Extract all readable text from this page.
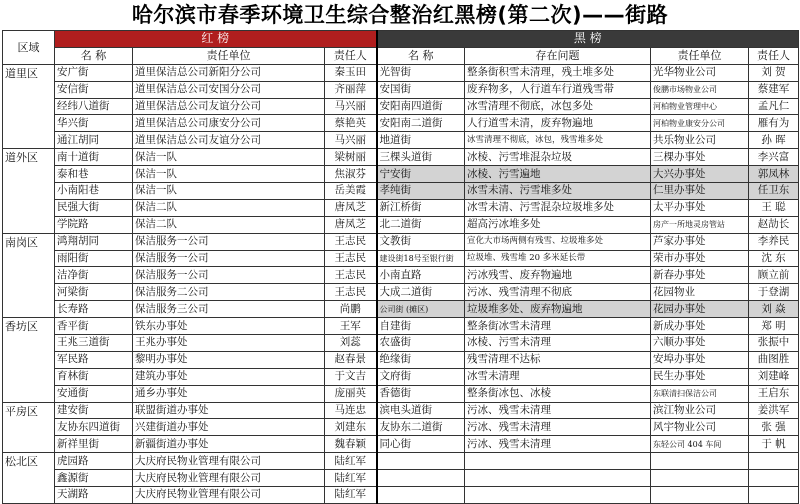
哈尔滨市春季环境卫生综合整治红黑榜(第二次)——街路
区域	红 榜			黑 榜			
	名 称	责任单位	责任人	名 称	存在问题	责任单位	责任人
道里区	安广街	道里保洁总公司新阳分公司	秦玉田	光智街	整条街积雪未清理，残土堆多处	光华物业公司	刘 贺
	安信街	道里保洁总公司安国分公司	齐丽萍	安国街	废弃物多，人行道车行道残雪带	俊鹏市场物业公司	蔡建军
	经纬八道街	道里保洁总公司友谊分公司	马兴丽	安阳南四道街	冰雪清理不彻底，冰包多处	河柏物业管理中心	孟凡仁
	华兴街	道里保洁总公司康安分公司	蔡艳英	安阳南二道街	人行道雪未清，废弃物遍地	河柏物业康安分公司	雁有为
	通江胡同	道里保洁总公司友谊分公司	马兴丽	地道街	冰雪清理不彻底，冰包，残雪堆多处	共乐物业公司	孙 晖
道外区	南十道街	保洁一队	梁树丽	三棵头道街	冰棱、污雪堆混杂垃圾	三棵办事处	李兴富
	泰和巷	保洁一队	焦淑芬	宁安街	冰棱、污雪遍地	大兴办事处	郭凤林
	小南阳巷	保洁一队	岳美霞	孝纯街	冰雪未清、污雪堆多处	仁里办事处	任卫东
	民强大街	保洁二队	唐凤芝	新江桥街	冰雪未清、污雪混杂垃圾堆多处	太平办事处	王 聪
	学院路	保洁二队	唐凤芝	北二道街	超高污冰堆多处	房产一所地灵房管站	赵劼长
南岗区	鸿翔胡同	保洁服务一公司	王志民	文教街	宣化大市场两侧有残雪、垃圾堆多处	芦家办事处	李养民
	雨阳街	保洁服务一公司	王志民	建设街18号至银行街	垃圾堆、残雪堆 20 多米延长带	荣市办事处	沈 东
	洁净街	保洁服务一公司	王志民	小南直路	污冰残雪、废弃物遍地	新春办事处	顾立前
	河梁街	保洁服务二公司	王志民	大成二道街	污冰、残雪清理不彻底	花园物业	于登湖
	长寿路	保洁服务三公司	尚鹏	公司街 (摊区)	垃圾堆多处、废弃物遍地	花园办事处	刘 焱
香坊区	香平街	铁东办事处	王军	自建街	整条街冰雪未清理	新成办事处	郑 明
	王兆三道街	王兆办事处	刘蕊	农盛街	冰棱、污雪未清理	六顺办事处	张振中
	军民路	黎明办事处	赵春景	绝缘街	残雪清理不达标	安埠办事处	曲图胜
	育林街	建筑办事处	于文吉	文府街	冰雪未清理	民生办事处	刘建峰
	安通街	通乡办事处	庞丽英	香德街	整条街冰包、冰棱	东联清扫保洁公司	王启东
平房区	建安街	联盟街道办事处	马连忠	滨电头道街	污冰、残雪未清理	滨江物业公司	姜洪军
	友协东四道街	兴建街道办事处	刘建东	友协东二道街	污冰、残雪未清理	风宇物业公司	张 强
	新祥里街	新疆街道办事处	魏春颖	同心街	污冰、残雪未清理	东轻公司 404 车间	于 帆
松北区	虎园路	大庆府民物业管理有限公司	陆红军				
	鑫源街	大庆府民物业管理有限公司	陆红军				
	天湖路	大庆府民物业管理有限公司	陆红军				
